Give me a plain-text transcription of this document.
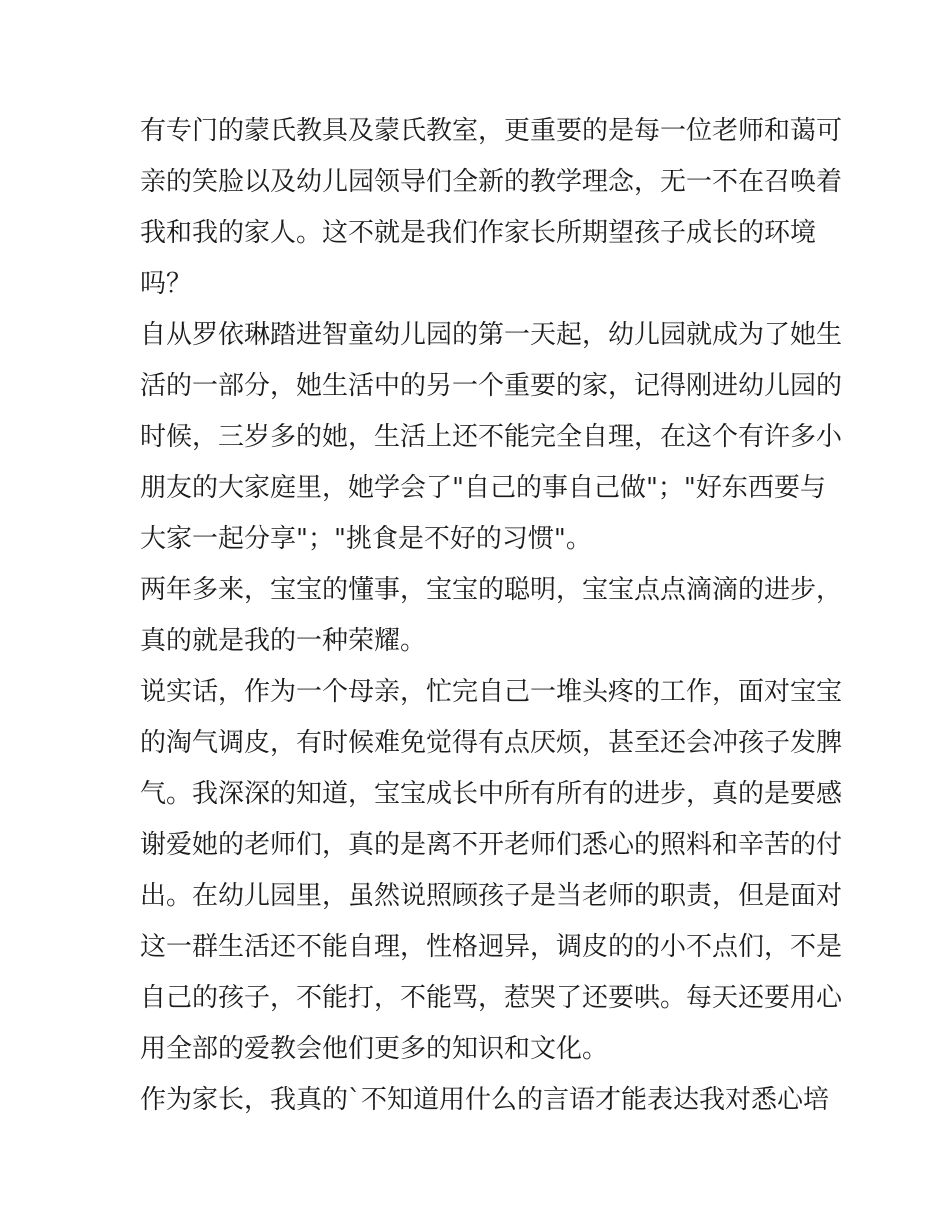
有专门的蒙氏教具及蒙氏教室，更重要的是每一位老师和蔼可
亲的笑脸以及幼儿园领导们全新的教学理念，无一不在召唤着
我和我的家人。这不就是我们作家长所期望孩子成长的环境
吗？
自从罗依琳踏进智童幼儿园的第一天起，幼儿园就成为了她生
活的一部分，她生活中的另一个重要的家，记得刚进幼儿园的
时候，三岁多的她，生活上还不能完全自理，在这个有许多小
朋友的大家庭里，她学会了"自己的事自己做"；"好东西要与
大家一起分享"；"挑食是不好的习惯"。
两年多来，宝宝的懂事，宝宝的聪明，宝宝点点滴滴的进步，
真的就是我的一种荣耀。
说实话，作为一个母亲，忙完自己一堆头疼的工作，面对宝宝
的淘气调皮，有时候难免觉得有点厌烦，甚至还会冲孩子发脾
气。我深深的知道，宝宝成长中所有所有的进步，真的是要感
谢爱她的老师们，真的是离不开老师们悉心的照料和辛苦的付
出。在幼儿园里，虽然说照顾孩子是当老师的职责，但是面对
这一群生活还不能自理，性格迥异，调皮的的小不点们，不是
自己的孩子，不能打，不能骂，惹哭了还要哄。每天还要用心
用全部的爱教会他们更多的知识和文化。
作为家长，我真的`不知道用什么的言语才能表达我对悉心培
